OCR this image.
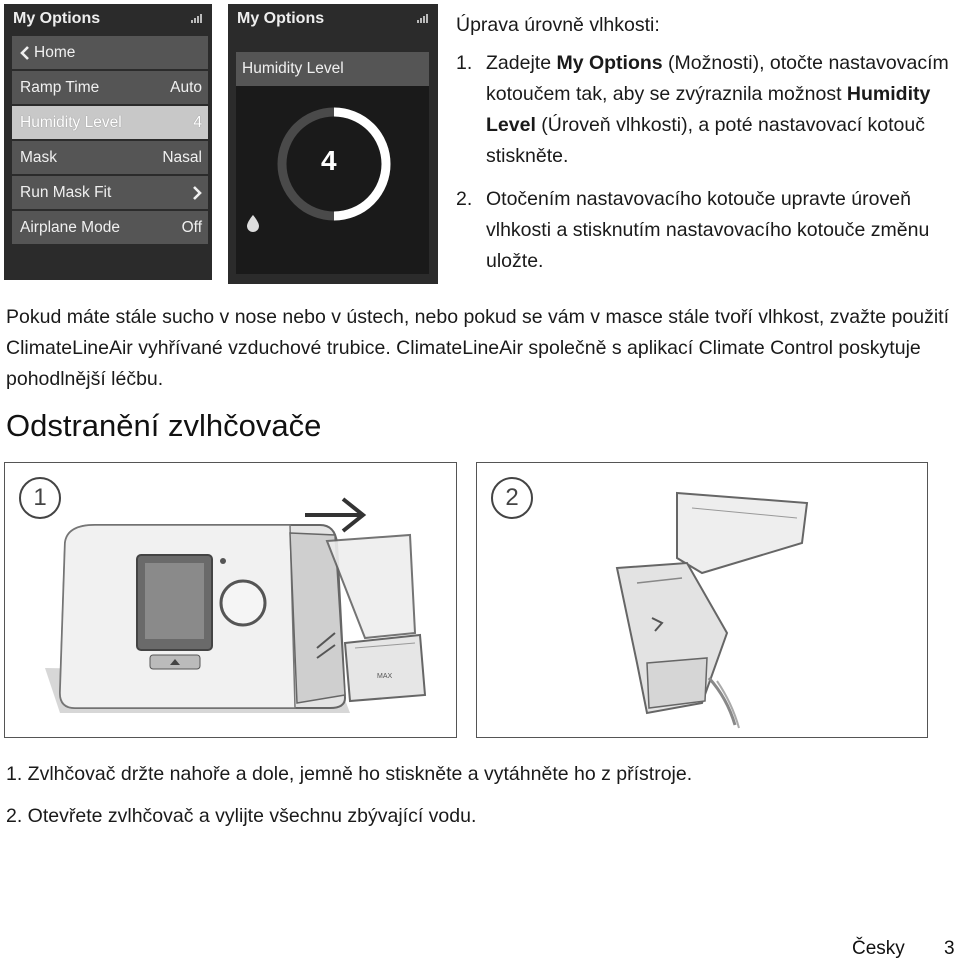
My Options
Home
Ramp Time	Auto
Humidity Level	4
Mask	Nasal
Run Mask Fit
Airplane Mode	Off
My Options
Humidity Level
4
Úprava úrovně vlhkosti:
1. Zadejte My Options (Možnosti), otočte nastavovacím kotoučem tak, aby se zvýraznila možnost Humidity Level (Úroveň vlhkosti), a poté nastavovací kotouč stiskněte.
2. Otočením nastavovacího kotouče upravte úroveň vlhkosti a stisknutím nastavovacího kotouče změnu uložte.
Pokud máte stále sucho v nose nebo v ústech, nebo pokud se vám v masce stále tvoří vlhkost, zvažte použití ClimateLineAir vyhřívané vzduchové trubice. ClimateLineAir společně s aplikací Climate Control poskytuje pohodlnější léčbu.
Odstranění zvlhčovače
1
MAX
2
1. Zvlhčovač držte nahoře a dole, jemně ho stiskněte a vytáhněte ho z přístroje.
2. Otevřete zvlhčovač a vylijte všechnu zbývající vodu.
Česky 3
